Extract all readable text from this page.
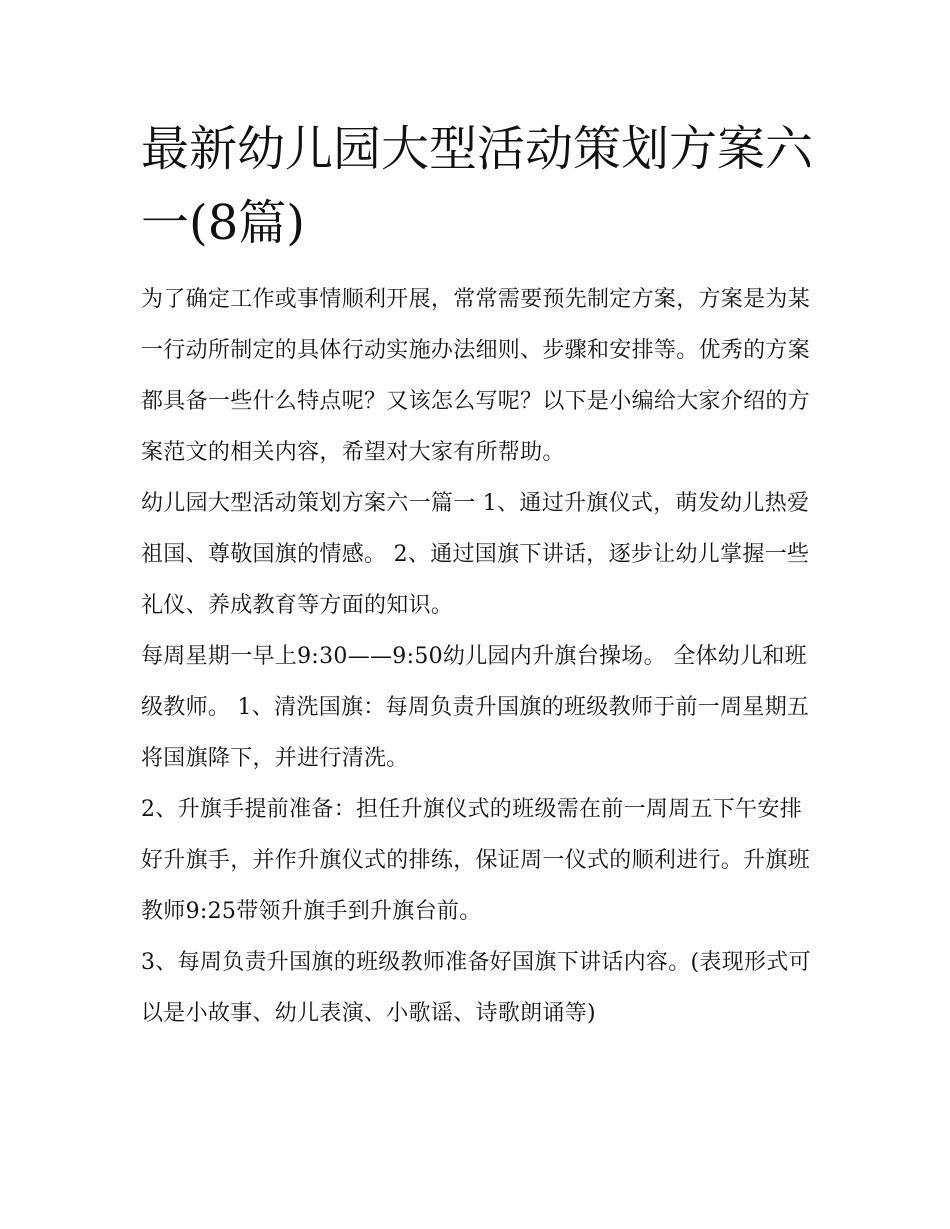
最新幼儿园大型活动策划方案六一(8篇)

为了确定工作或事情顺利开展，常常需要预先制定方案，方案是为某一行动所制定的具体行动实施办法细则、步骤和安排等。优秀的方案都具备一些什么特点呢？又该怎么写呢？以下是小编给大家介绍的方案范文的相关内容，希望对大家有所帮助。

幼儿园大型活动策划方案六一篇一 1、通过升旗仪式，萌发幼儿热爱祖国、尊敬国旗的情感。 2、通过国旗下讲话，逐步让幼儿掌握一些礼仪、养成教育等方面的知识。

每周星期一早上9:30——9:50幼儿园内升旗台操场。 全体幼儿和班级教师。 1、清洗国旗：每周负责升国旗的班级教师于前一周星期五将国旗降下，并进行清洗。

2、升旗手提前准备：担任升旗仪式的班级需在前一周周五下午安排好升旗手，并作升旗仪式的排练，保证周一仪式的顺利进行。升旗班教师9:25带领升旗手到升旗台前。

3、每周负责升国旗的班级教师准备好国旗下讲话内容。(表现形式可以是小故事、幼儿表演、小歌谣、诗歌朗诵等)
